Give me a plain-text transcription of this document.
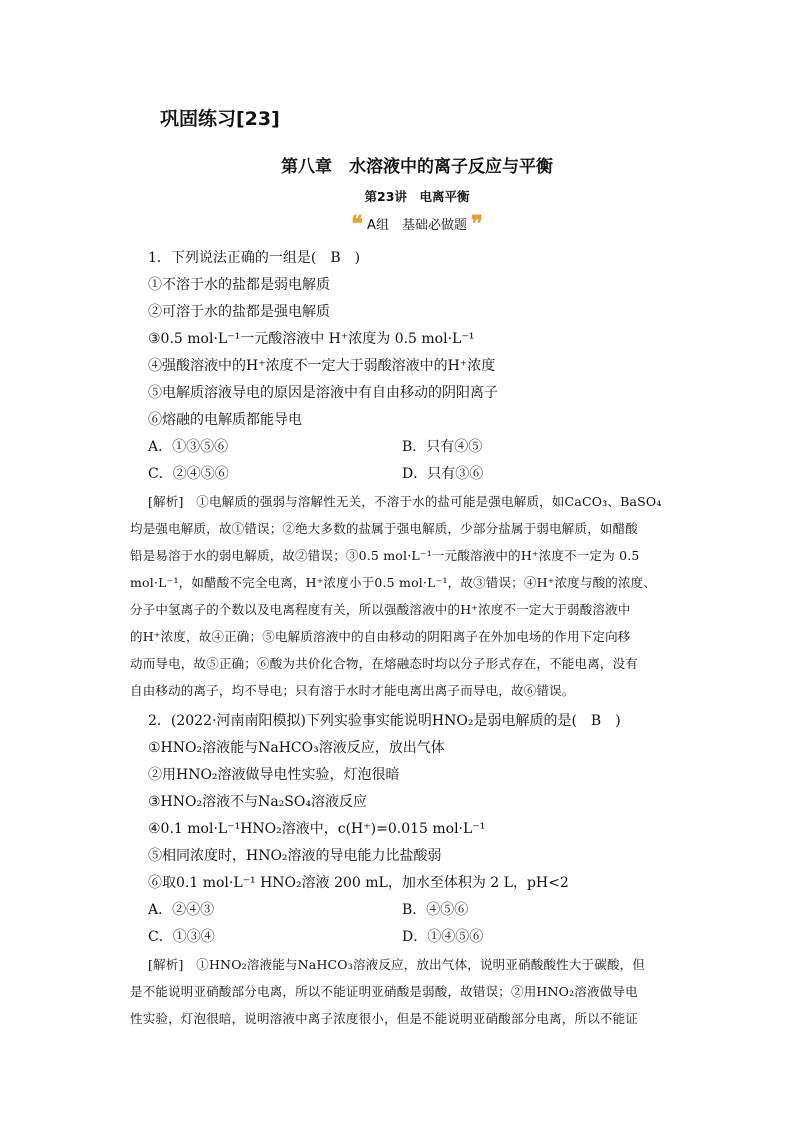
巩固练习[23]
第八章　水溶液中的离子反应与平衡
第23讲　电离平衡
❝ A组　基础必做题 ❞
1．下列说法正确的一组是(　B　)
①不溶于水的盐都是弱电解质
②可溶于水的盐都是强电解质
③0.5 mol·L⁻¹一元酸溶液中 H⁺浓度为 0.5 mol·L⁻¹
④强酸溶液中的H⁺浓度不一定大于弱酸溶液中的H⁺浓度
⑤电解质溶液导电的原因是溶液中有自由移动的阴阳离子
⑥熔融的电解质都能导电
A．①③⑤⑥	B．只有④⑤
C．②④⑤⑥	D．只有③⑥
[解析]　①电解质的强弱与溶解性无关，不溶于水的盐可能是强电解质，如CaCO₃、BaSO₄
均是强电解质，故①错误；②绝大多数的盐属于强电解质，少部分盐属于弱电解质，如醋酸
铅是易溶于水的弱电解质，故②错误；③0.5 mol·L⁻¹一元酸溶液中的H⁺浓度不一定为 0.5
mol·L⁻¹，如醋酸不完全电离，H⁺浓度小于0.5 mol·L⁻¹，故③错误；④H⁺浓度与酸的浓度、
分子中氢离子的个数以及电离程度有关，所以强酸溶液中的H⁺浓度不一定大于弱酸溶液中
的H⁺浓度，故④正确；⑤电解质溶液中的自由移动的阴阳离子在外加电场的作用下定向移
动而导电，故⑤正确；⑥酸为共价化合物，在熔融态时均以分子形式存在，不能电离，没有
自由移动的离子，均不导电；只有溶于水时才能电离出离子而导电，故⑥错误。
2．(2022·河南南阳模拟)下列实验事实能说明HNO₂是弱电解质的是(　B　)
①HNO₂溶液能与NaHCO₃溶液反应，放出气体
②用HNO₂溶液做导电性实验，灯泡很暗
③HNO₂溶液不与Na₂SO₄溶液反应
④0.1 mol·L⁻¹HNO₂溶液中，c(H⁺)=0.015 mol·L⁻¹
⑤相同浓度时，HNO₂溶液的导电能力比盐酸弱
⑥取0.1 mol·L⁻¹ HNO₂溶液 200 mL，加水至体积为 2 L，pH<2
A．②④③	B．④⑤⑥
C．①③④	D．①④⑤⑥
[解析]　①HNO₂溶液能与NaHCO₃溶液反应，放出气体，说明亚硝酸酸性大于碳酸，但
是不能说明亚硝酸部分电离，所以不能证明亚硝酸是弱酸，故错误；②用HNO₂溶液做导电
性实验，灯泡很暗，说明溶液中离子浓度很小，但是不能说明亚硝酸部分电离，所以不能证
